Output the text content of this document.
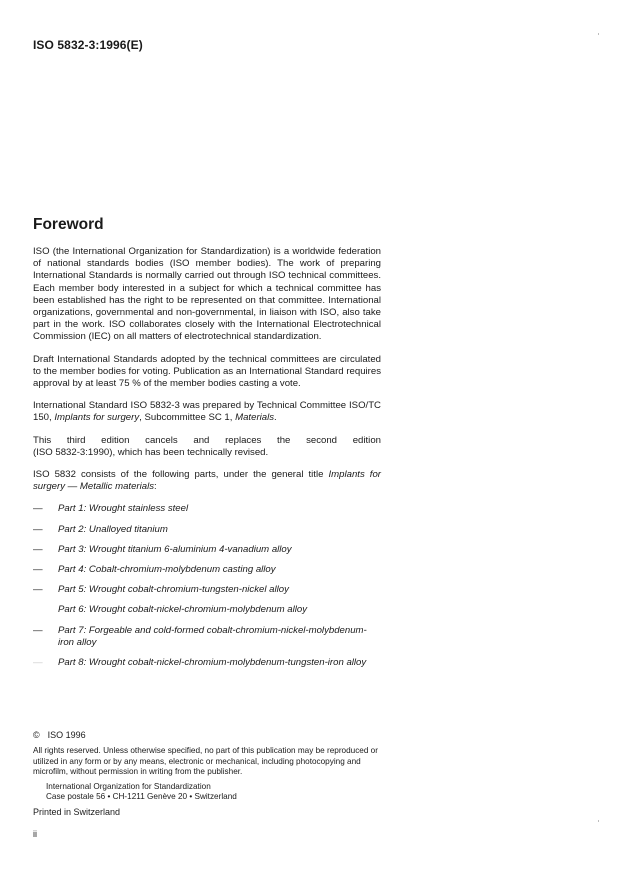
ISO 5832-3:1996(E)
Foreword

ISO (the International Organization for Standardization) is a worldwide federation of national standards bodies (ISO member bodies). The work of preparing International Standards is normally carried out through ISO technical committees. Each member body interested in a subject for which a technical committee has been established has the right to be represented on that committee. International organizations, governmental and non-governmental, in liaison with ISO, also take part in the work. ISO collaborates closely with the International Electrotechnical Commission (IEC) on all matters of electrotechnical standardization.

Draft International Standards adopted by the technical committees are circulated to the member bodies for voting. Publication as an International Standard requires approval by at least 75 % of the member bodies casting a vote.

International Standard ISO 5832-3 was prepared by Technical Committee ISO/TC 150, Implants for surgery, Subcommittee SC 1, Materials.

This third edition cancels and replaces the second edition
(ISO 5832-3:1990), which has been technically revised.

ISO 5832 consists of the following parts, under the general title Implants for surgery — Metallic materials:

—	Part 1: Wrought stainless steel
—	Part 2: Unalloyed titanium
—	Part 3: Wrought titanium 6-aluminium 4-vanadium alloy
—	Part 4: Cobalt-chromium-molybdenum casting alloy
—	Part 5: Wrought cobalt-chromium-tungsten-nickel alloy
Part 6: Wrought cobalt-nickel-chromium-molybdenum alloy
—	Part 7: Forgeable and cold-formed cobalt-chromium-nickel-molybdenum-iron alloy
—	Part 8: Wrought cobalt-nickel-chromium-molybdenum-tungsten-iron alloy
© ISO 1996
All rights reserved. Unless otherwise specified, no part of this publication may be reproduced or utilized in any form or by any means, electronic or mechanical, including photocopying and microfilm, without permission in writing from the publisher.
International Organization for Standardization
Case postale 56 • CH-1211 Genève 20 • Switzerland
Printed in Switzerland
ii
